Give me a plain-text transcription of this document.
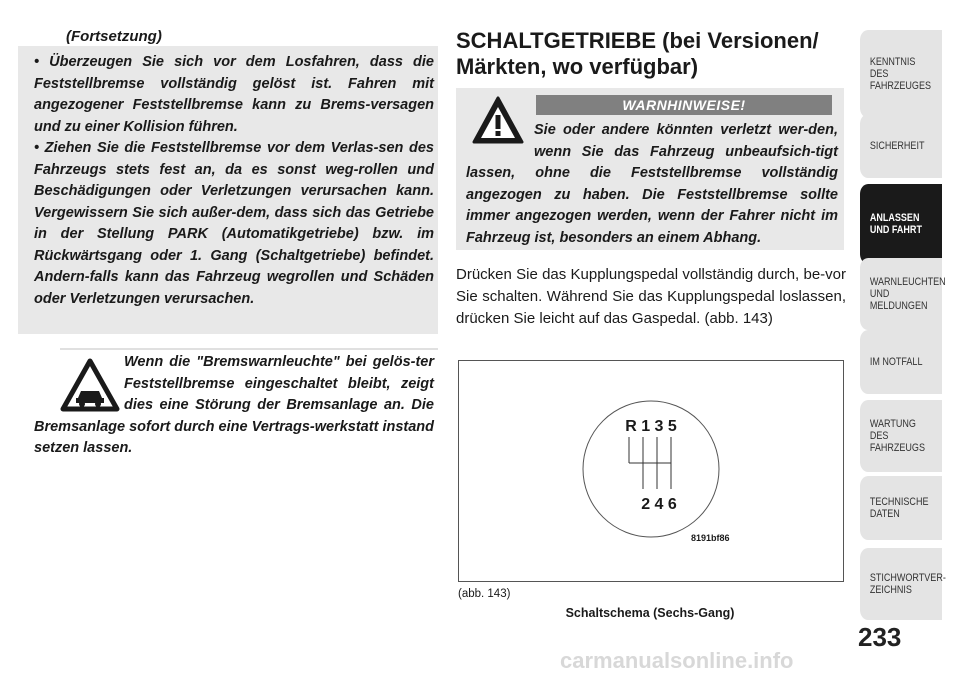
(Fortsetzung)

• Überzeugen Sie sich vor dem Losfahren, dass die Feststellbremse vollständig gelöst ist. Fahren mit angezogener Feststellbremse kann zu Brems-versagen und zu einer Kollision führen.

• Ziehen Sie die Feststellbremse vor dem Verlas-sen des Fahrzeugs stets fest an, da es sonst weg-rollen und Beschädigungen oder Verletzungen verursachen kann. Vergewissern Sie sich außer-dem, dass sich das Getriebe in der Stellung PARK (Automatikgetriebe) bzw. im Rückwärtsgang oder 1. Gang (Schaltgetriebe) befindet. Andern-falls kann das Fahrzeug wegrollen und Schäden oder Verletzungen verursachen.

Wenn die "Bremswarnleuchte" bei gelös-ter Feststellbremse eingeschaltet bleibt, zeigt dies eine Störung der Bremsanlage an. Die Bremsanlage sofort durch eine Vertrags-werkstatt instand setzen lassen.
SCHALTGETRIEBE (bei Versionen/ Märkten, wo verfügbar)
WARNHINWEISE!
Sie oder andere könnten verletzt wer-den, wenn Sie das Fahrzeug unbeaufsich-tigt lassen, ohne die Feststellbremse vollständig angezogen zu haben. Die Feststellbremse sollte immer angezogen werden, wenn der Fahrer nicht im Fahrzeug ist, besonders an einem Abhang.
Drücken Sie das Kupplungspedal vollständig durch, be-vor Sie schalten. Während Sie das Kupplungspedal loslassen, drücken Sie leicht auf das Gaspedal. (abb. 143)
R 1 3 5
2 4 6
8191bf86
(abb. 143)
Schaltschema (Sechs-Gang)
KENNTNIS
DES
FAHRZEUGES
SICHERHEIT
ANLASSEN
UND FAHRT
WARNLEUCHTEN
UND
MELDUNGEN
IM NOTFALL
WARTUNG
DES
FAHRZEUGS
TECHNISCHE
DATEN
STICHWORTVER-
ZEICHNIS
233
carmanualsonline.info
